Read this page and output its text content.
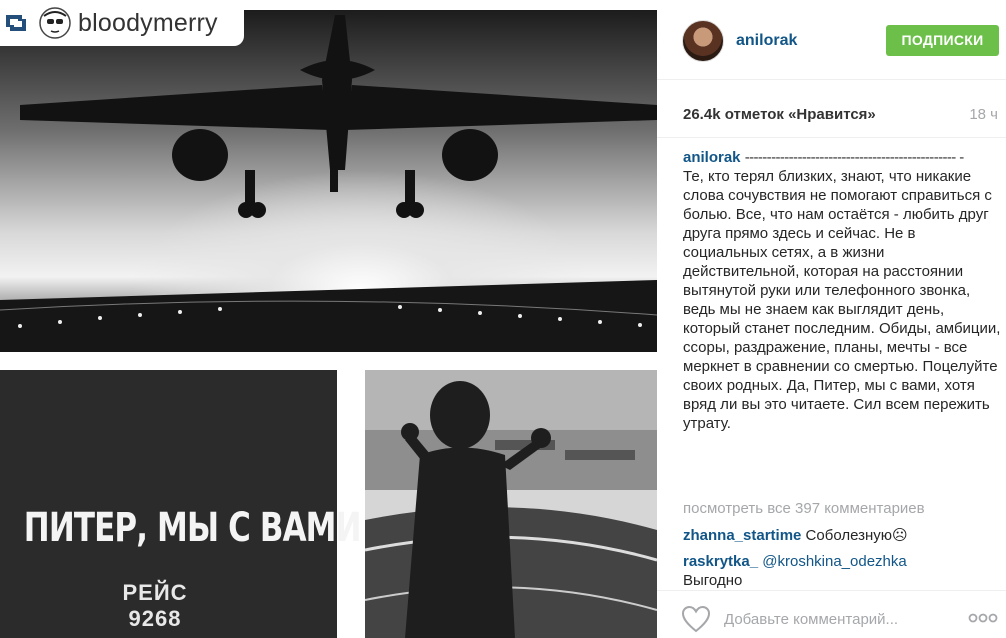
ПИТЕР, МЫ С ВАМИ
РЕЙС 9268
bloodymerry
anilorak	ПОДПИСКИ
26.4k отметок «Нравится»	18 ч
anilorak ------------------------------------------------ -
Те, кто терял близких, знают, что никакие слова сочувствия не помогают справиться с болью. Все, что нам остаётся - любить друг друга прямо здесь и сейчас. Не в социальных сетях, а в жизни действительной, которая на расстоянии вытянутой руки или телефонного звонка, ведь мы не знаем как выглядит день, который станет последним. Обиды, амбиции, ссоры, раздражение, планы, мечты - все меркнет в сравнении со смертью. Поцелуйте своих родных. Да, Питер, мы с вами, хотя вряд ли вы это читаете. Сил всем пережить утрату.
посмотреть все 397 комментариев
zhanna_startime Соболезную☹
raskrytka_ @kroshkina_odezhka
Выгодно
Добавьте комментарий...
